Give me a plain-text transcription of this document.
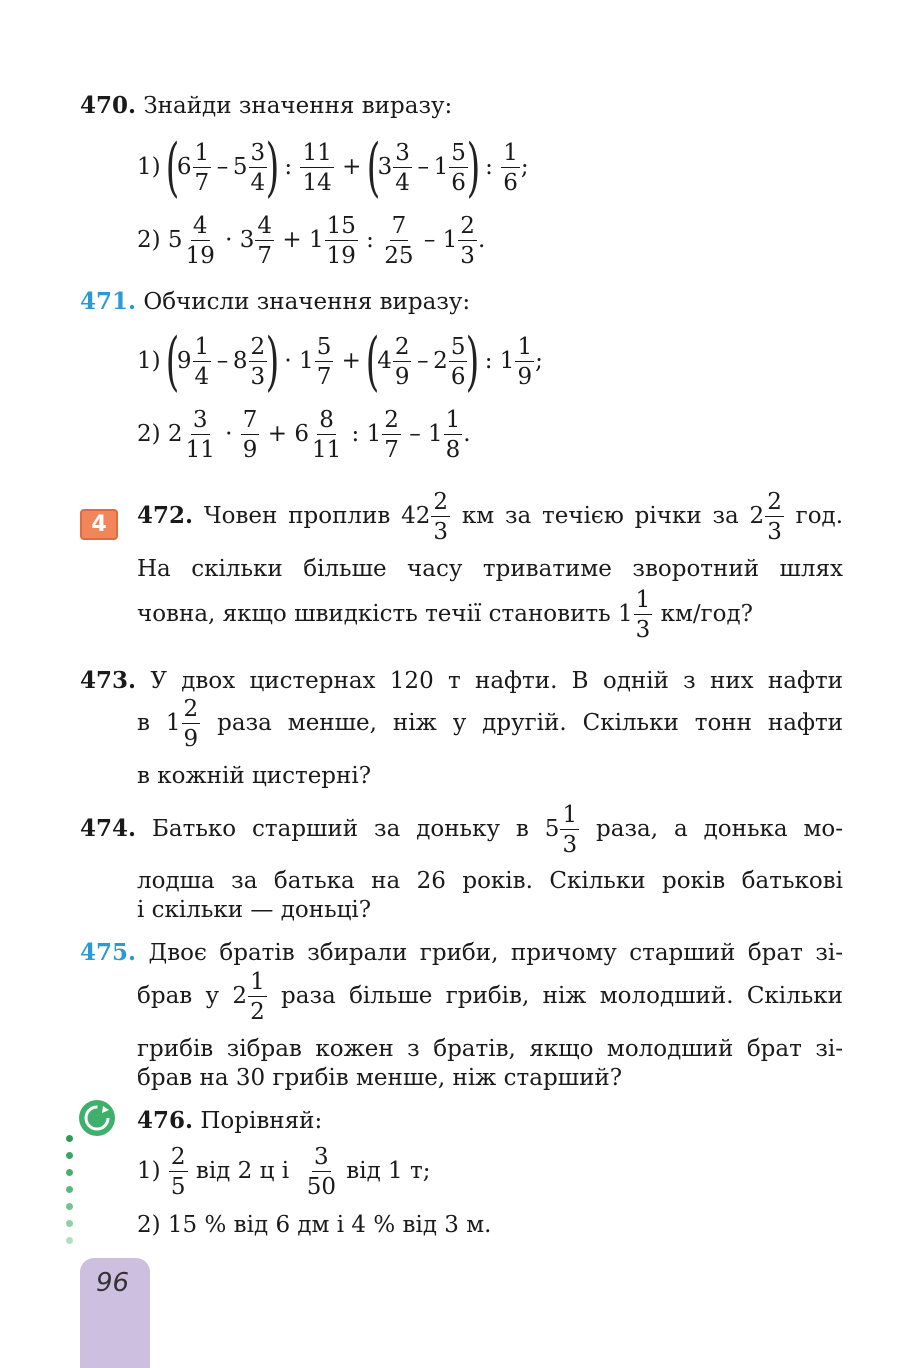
470. Знайди значення виразу:
1) ($6 \frac{1}{7} - 5 \frac{3}{4}$
) : $\frac{11}{14} + (3 \frac{3}{4} - 1 \frac{5}{6}$
) : $\frac{1}{6}$ ;
2) $5 \frac{4}{19} \cdot 3 \frac{4}{7} + 1 \frac{15}{19}$ : $\frac{7}{25} - 1 \frac{2}{3}$ .
471. Обчисли значення виразу:
1) ($9 \frac{1}{4} - 8 \frac{2}{3}$
) · $1 \frac{5}{7} + (4 \frac{2}{9} - 2 \frac{5}{6}$
) : $1 \frac{1}{9}$ ;
2) $2 \frac{3}{11} \cdot \frac{7}{9} + 6 \frac{8}{11}$ : $1 \frac{2}{7} - 1 \frac{1}{8}$ .
4	472. Човен проплив $42 \frac{2}{3}$ км за течією річки за $2 \frac{2}{3}$ год.
На скільки більше часу триватиме зворотний шлях
човна, якщо швидкість течії становить $1 \frac{1}{3} км/год$?
473. У двох цистернах 120 т нафти. В одній з них нафти
в $1 \frac{2}{9}$ раза менше, ніж у другій. Скільки тонн нафти
в кожній цистерні?
474. Батько старший за доньку в $5 \frac{1}{3}$ раза, а донька мо-
лодша за батька на 26 років. Скільки років батькові
і скільки — доньці?
475. Двоє братів збирали гриби, причому старший брат зі-
брав у $2 \frac{1}{2}$ раза більше грибів, ніж молодший. Скільки
грибів зібрав кожен з братів, якщо молодший брат зі-
брав на 30 грибів менше, ніж старший?
476. Порівняй:
$1) \frac{2}{5}$ від 2 ц і $\frac{3}{50}$ від 1 т;
2) 15 % від 6 дм і 4 % від 3 м.
96
